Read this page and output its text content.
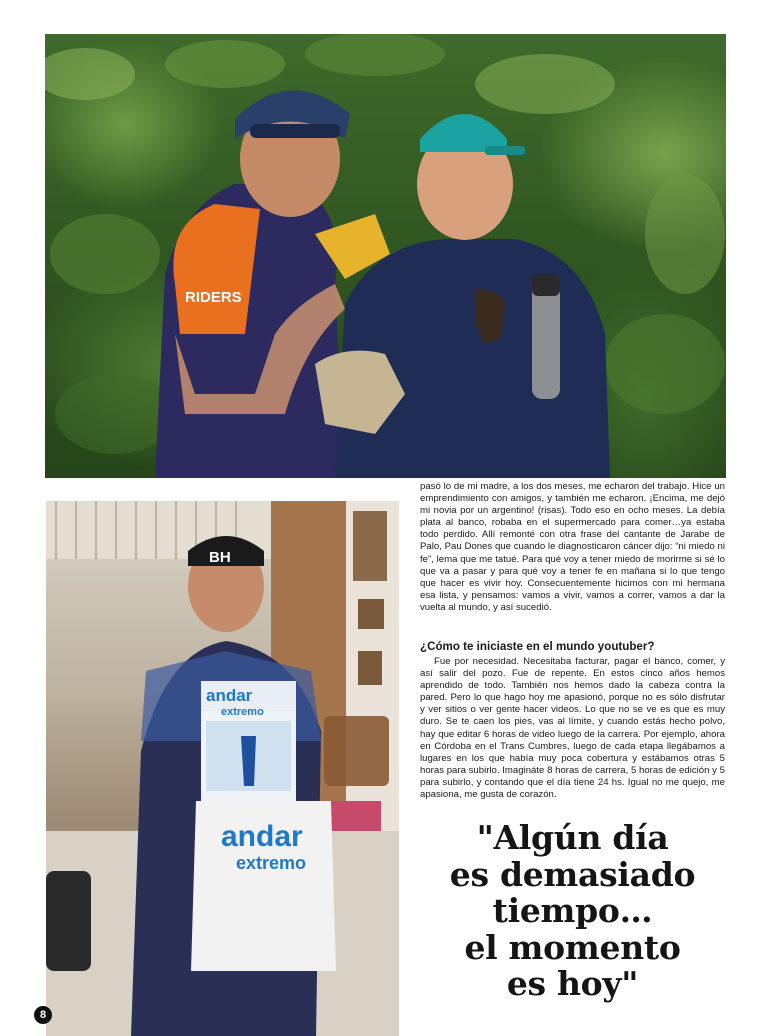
RIDERS
BH
andar
extremo
andar
extremo

pasó lo de mi madre, a los dos meses, me echaron del trabajo. Hice un emprendimiento con amigos, y también me echaron. ¡Encima, me dejó mi novia por un argentino! (risas). Todo eso en ocho meses. La debía plata al banco, robaba en el supermercado para comer…ya estaba todo perdido. Allí remonté con otra frase del cantante de Jarabe de Palo, Pau Dones que cuando le diagnosticaron cáncer dijo: “ni miedo ni fe”, lema que me tatué. Para qué voy a tener miedo de morirme si sé lo que va a pasar y para qué voy a tener fe en mañana si lo que tengo que hacer es vivir hoy. Consecuentemente hicimos con mi hermana esa lista, y pensamos: vamos a vivir, vamos a correr, vamos a dar la vuelta al mundo, y así sucedió.

¿Cómo te iniciaste en el mundo youtuber?

Fue por necesidad. Necesitaba facturar, pagar el banco, comer, y así salir del pozo. Fue de repente. En estos cinco años hemos aprendido de todo. También nos hemos dado la cabeza contra la pared. Pero lo que hago hoy me apasionó, porque no es sólo disfrutar y ver sitios o ver gente hacer videos. Lo que no se ve es que es muy duro. Se te caen los pies, vas al límite, y cuando estás hecho polvo, hay que editar 6 horas de video luego de la carrera. Por ejemplo, ahora en Córdoba en el Trans Cumbres, luego de cada etapa llegábamos a lugares en los que había muy poca cobertura y estábamos otras 5 horas para subirlo. Imagináte 8 horas de carrera, 5 horas de edición y 5 para subirlo, y contando que el día tiene 24 hs. Igual no me quejo, me apasiona, me gusta de corazón.

"Algún día
es demasiado
tiempo…
el momento
es hoy"
8
